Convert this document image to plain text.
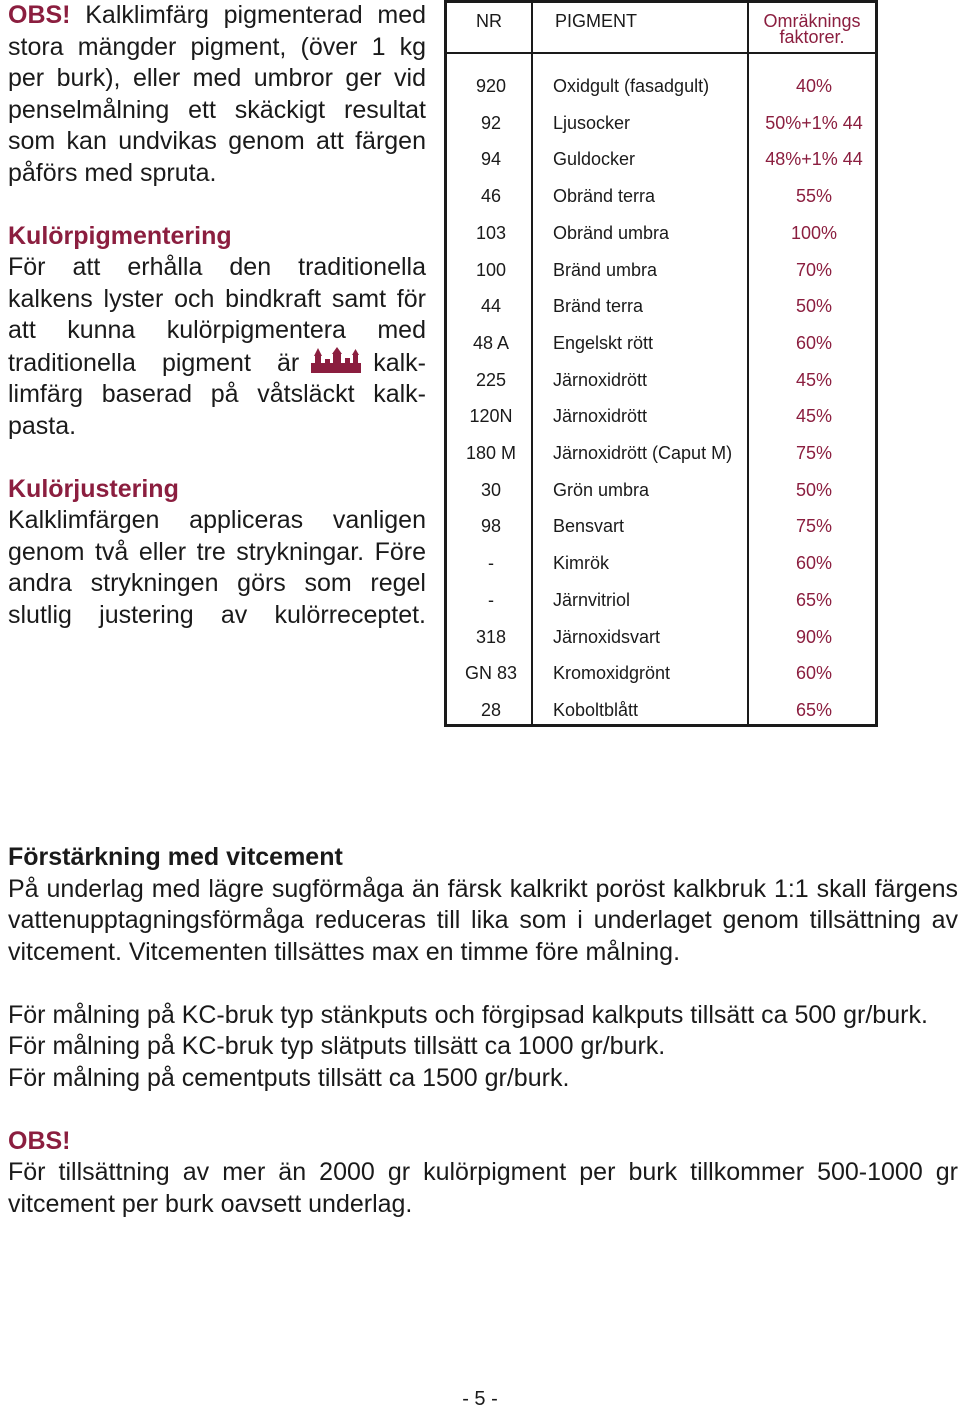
OBS! Kalklimfärg pigmenterad med stora mängder pigment, (över 1 kg per burk), eller med umbror ger vid penselmålning ett skäckigt resultat som kan undvikas genom att färgen påförs med spruta.

Kulörpigmentering

För att erhålla den traditionella kalkens lyster och bindkraft samt för att kunna kulörpigmentera med traditionella pigment är	kalk-limfärg baserad på våtsläckt kalk-pasta.

Kulörjustering

Kalklimfärgen appliceras vanligen genom två eller tre strykningar. Före andra strykningen görs som regel slutlig justering av kulörreceptet.

NR	PIGMENT	Omräknings faktorer.
920	Oxidgult (fasadgult)	40%
92	Ljusocker	50%+1% 44
94	Guldocker	48%+1% 44
46	Obränd terra	55%
103	Obränd umbra	100%
100	Bränd umbra	70%
44	Bränd terra	50%
48 A	Engelskt rött	60%
225	Järnoxidrött	45%
120N	Järnoxidrött	45%
180 M	Järnoxidrött (Caput M)	75%
30	Grön umbra	50%
98	Bensvart	75%
-	Kimrök	60%
-	Järnvitriol	65%
318	Järnoxidsvart	90%
GN 83	Kromoxidgrönt	60%
28	Koboltblått	65%
Förstärkning med vitcement

På underlag med lägre sugförmåga än färsk kalkrikt poröst kalkbruk 1:1 skall färgens vattenupptagningsförmåga reduceras till lika som i underlaget genom tillsättning av vitcement. Vitcementen tillsättes max en timme före målning.

För målning på KC-bruk typ stänkputs och förgipsad kalkputs tillsätt ca 500 gr/burk.
För målning på KC-bruk typ slätputs tillsätt ca 1000 gr/burk.
För målning på cementputs tillsätt ca 1500 gr/burk.
OBS!

För tillsättning av mer än 2000 gr kulörpigment per burk tillkommer 500-1000 gr vitcement per burk oavsett underlag.

- 5 -
